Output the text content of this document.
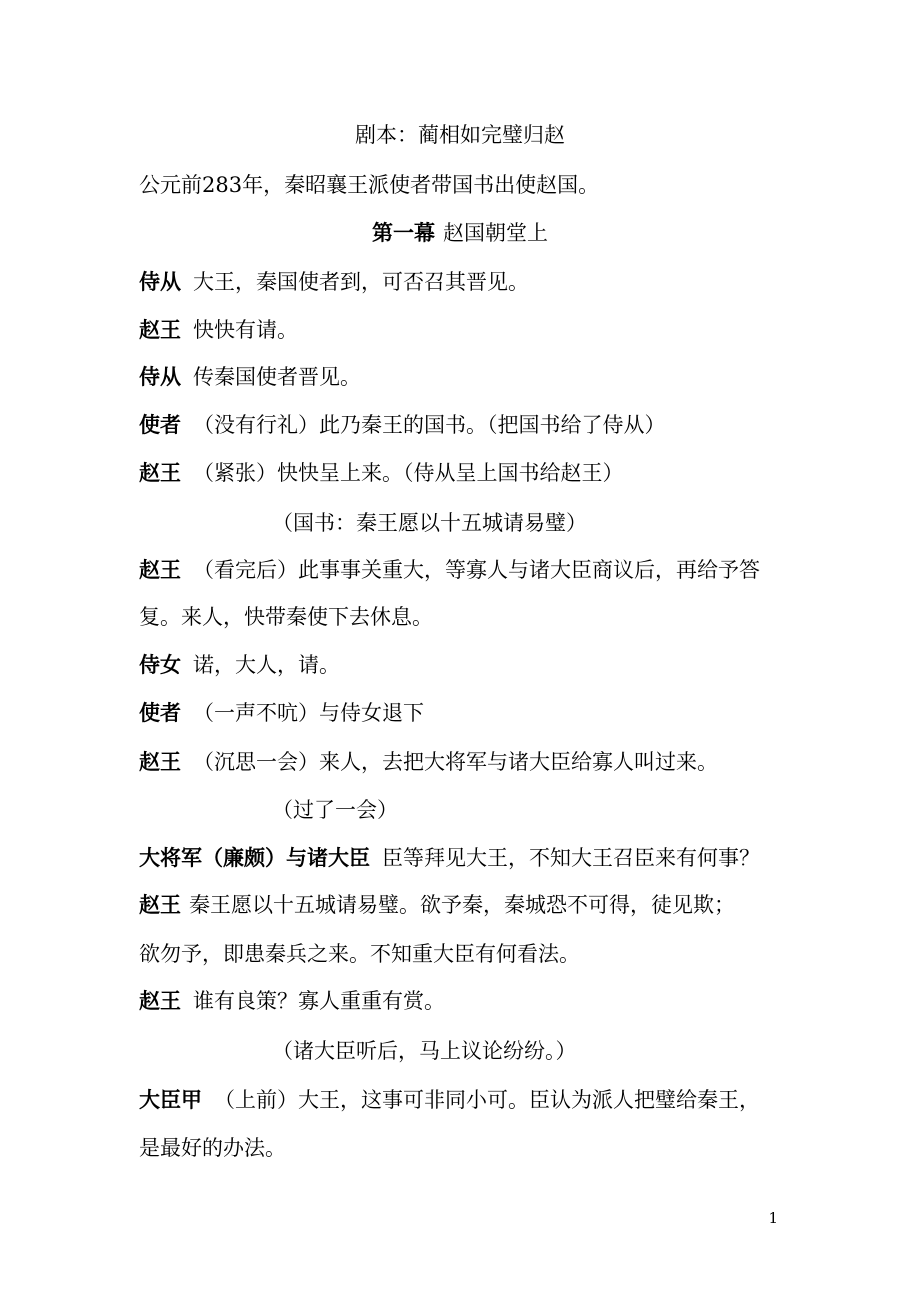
剧本：蔺相如完璧归赵
公元前283年，秦昭襄王派使者带国书出使赵国。
第一幕 赵国朝堂上
侍从 大王，秦国使者到，可否召其晋见。
赵王 快快有请。
侍从 传秦国使者晋见。
使者 （没有行礼）此乃秦王的国书。（把国书给了侍从）
赵王 （紧张）快快呈上来。（侍从呈上国书给赵王）
（国书：秦王愿以十五城请易璧）
赵王 （看完后）此事事关重大，等寡人与诸大臣商议后，再给予答
复。来人，快带秦使下去休息。
侍女 诺，大人，请。
使者 （一声不吭）与侍女退下
赵王 （沉思一会）来人，去把大将军与诸大臣给寡人叫过来。
（过了一会）
大将军（廉颇）与诸大臣 臣等拜见大王，不知大王召臣来有何事？
赵王 秦王愿以十五城请易璧。欲予秦，秦城恐不可得，徒见欺；
欲勿予，即患秦兵之来。不知重大臣有何看法。
赵王 谁有良策？寡人重重有赏。
（诸大臣听后，马上议论纷纷。）
大臣甲 （上前）大王，这事可非同小可。臣认为派人把璧给秦王，
是最好的办法。
1
